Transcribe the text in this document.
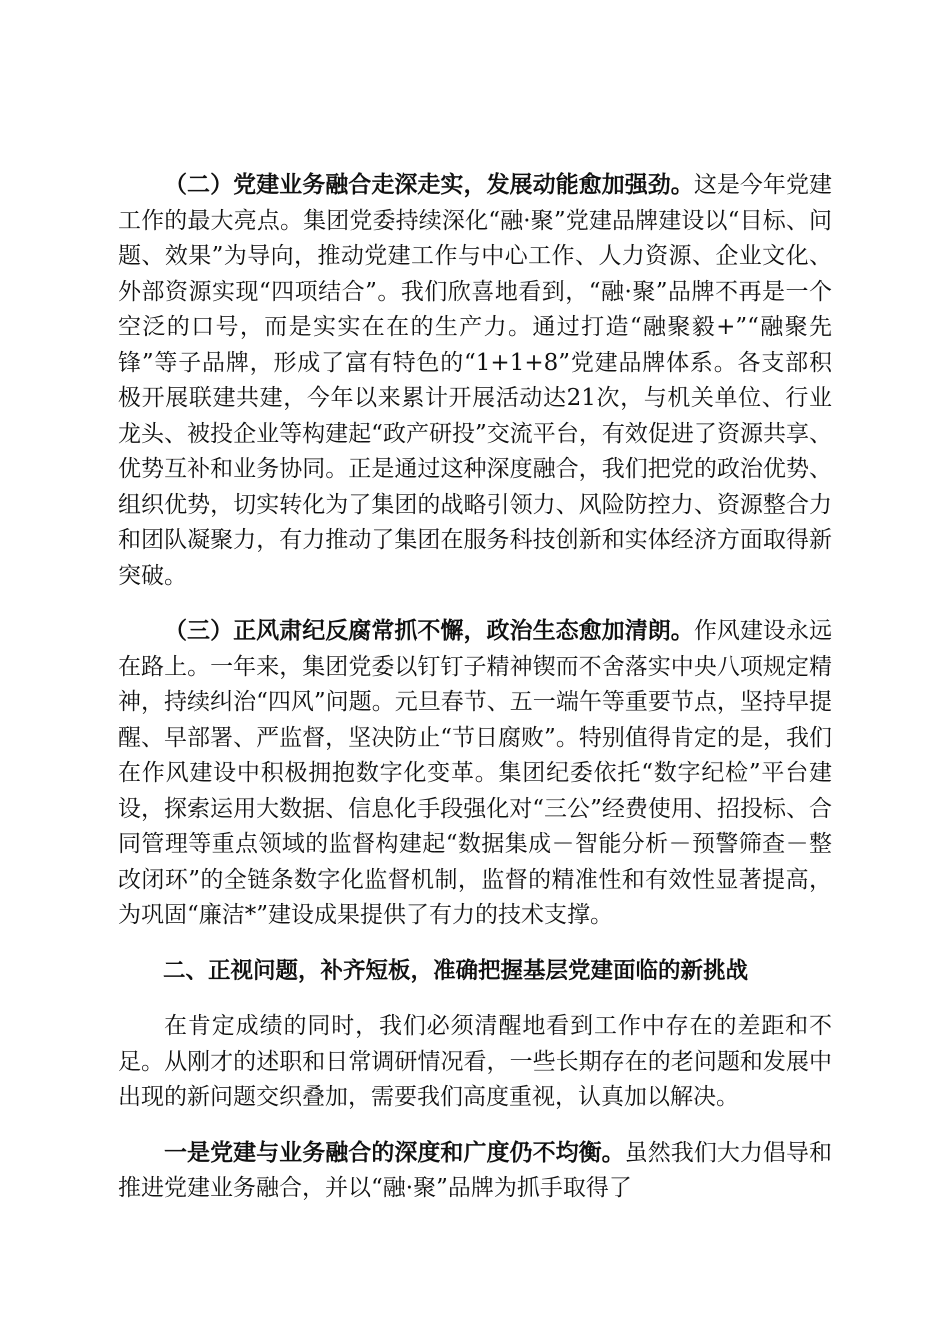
（二）党建业务融合走深走实，发展动能愈加强劲。这是今年党建工作的最大亮点。集团党委持续深化“融·聚”党建品牌建设以“目标、问题、效果”为导向，推动党建工作与中心工作、人力资源、企业文化、外部资源实现“四项结合”。我们欣喜地看到，“融·聚”品牌不再是一个空泛的口号，而是实实在在的生产力。通过打造“融聚毅+”“融聚先锋”等子品牌，形成了富有特色的“1+1+8”党建品牌体系。各支部积极开展联建共建，今年以来累计开展活动达21次，与机关单位、行业龙头、被投企业等构建起“政产研投”交流平台，有效促进了资源共享、优势互补和业务协同。正是通过这种深度融合，我们把党的政治优势、组织优势，切实转化为了集团的战略引领力、风险防控力、资源整合力和团队凝聚力，有力推动了集团在服务科技创新和实体经济方面取得新突破。

（三）正风肃纪反腐常抓不懈，政治生态愈加清朗。作风建设永远在路上。一年来，集团党委以钉钉子精神锲而不舍落实中央八项规定精神，持续纠治“四风”问题。元旦春节、五一端午等重要节点，坚持早提醒、早部署、严监督，坚决防止“节日腐败”。特别值得肯定的是，我们在作风建设中积极拥抱数字化变革。集团纪委依托“数字纪检”平台建设，探索运用大数据、信息化手段强化对“三公”经费使用、招投标、合同管理等重点领域的监督构建起“数据集成－智能分析－预警筛查－整改闭环”的全链条数字化监督机制，监督的精准性和有效性显著提高，为巩固“廉洁*”建设成果提供了有力的技术支撑。

二、正视问题，补齐短板，准确把握基层党建面临的新挑战

在肯定成绩的同时，我们必须清醒地看到工作中存在的差距和不足。从刚才的述职和日常调研情况看，一些长期存在的老问题和发展中出现的新问题交织叠加，需要我们高度重视，认真加以解决。

一是党建与业务融合的深度和广度仍不均衡。虽然我们大力倡导和推进党建业务融合，并以“融·聚”品牌为抓手取得了
